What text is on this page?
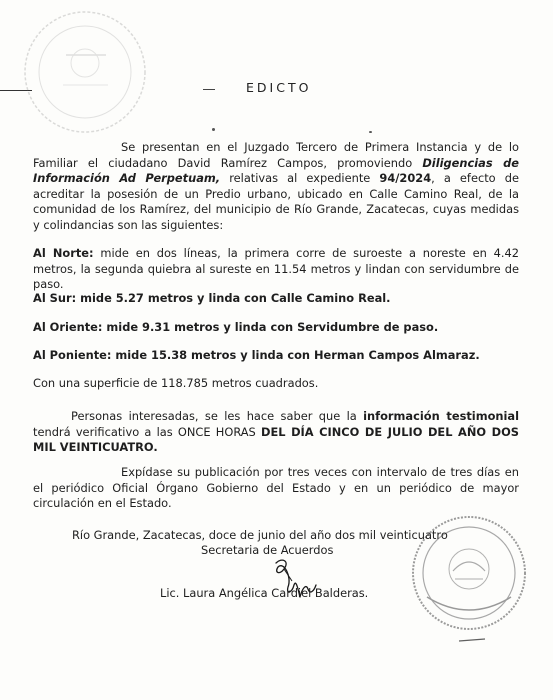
EDICTO

Se presentan en el Juzgado Tercero de Primera Instancia y de lo Familiar el ciudadano David Ramírez Campos, promoviendo Diligencias de Información Ad Perpetuam, relativas al expediente 94/2024, a efecto de acreditar la posesión de un Predio urbano, ubicado en Calle Camino Real, de la comunidad de los Ramírez, del municipio de Río Grande, Zacatecas, cuyas medidas y colindancias son las siguientes:

Al Norte: mide en dos líneas, la primera corre de suroeste a noreste en 4.42 metros, la segunda quiebra al sureste en 11.54 metros y lindan con servidumbre de paso.

Al Sur: mide 5.27 metros y linda con Calle Camino Real.

Al Oriente: mide 9.31 metros y linda con Servidumbre de paso.

Al Poniente: mide 15.38 metros y linda con Herman Campos Almaraz.

Con una superficie de 118.785 metros cuadrados.

Personas interesadas, se les hace saber que la información testimonial tendrá verificativo a las ONCE HORAS DEL DÍA CINCO DE JULIO DEL AÑO DOS MIL VEINTICUATRO.

Expídase su publicación por tres veces con intervalo de tres días en el periódico Oficial Órgano Gobierno del Estado y en un periódico de mayor circulación en el Estado.

Río Grande, Zacatecas, doce de junio del año dos mil veinticuatro

Secretaria de Acuerdos

Lic. Laura Angélica Cardiel Balderas.
